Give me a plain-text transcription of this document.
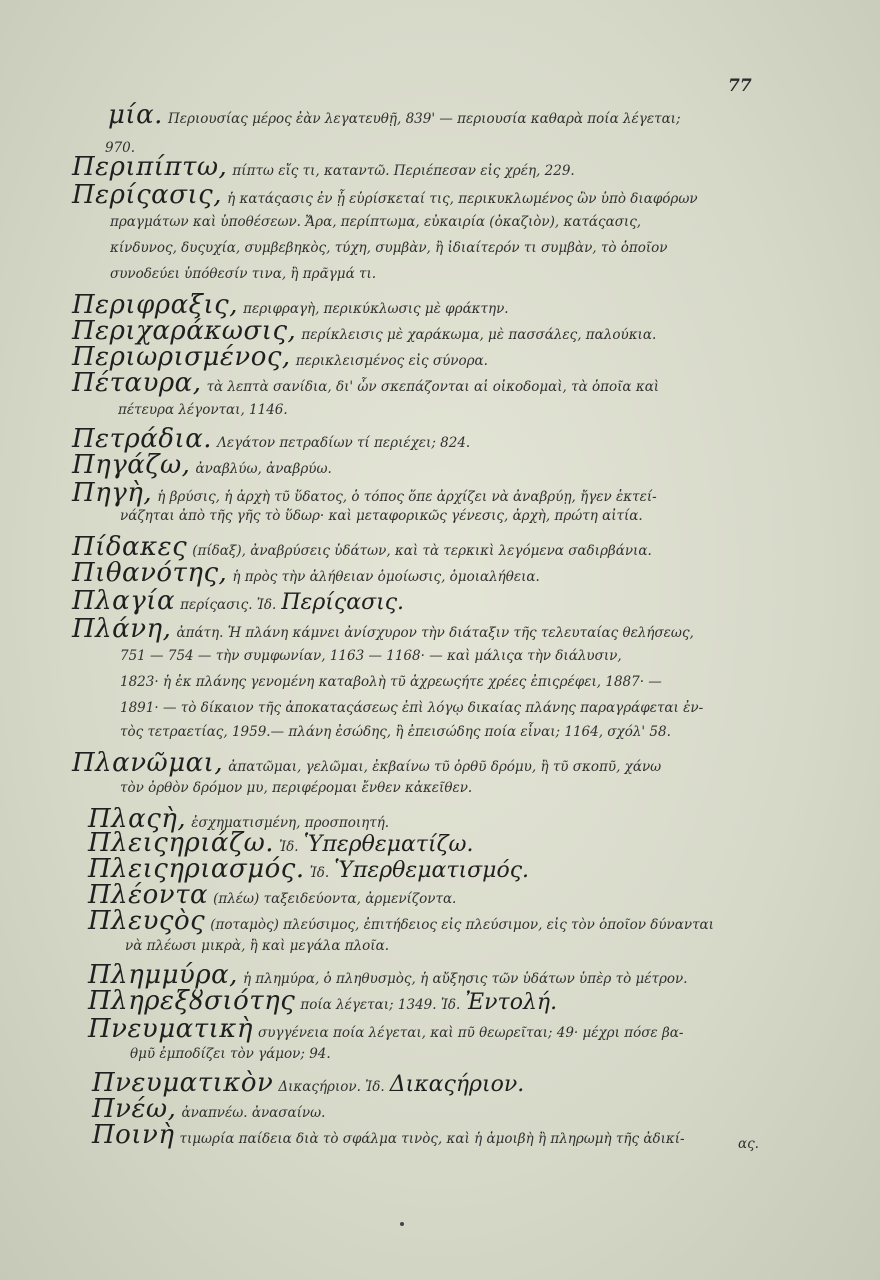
77
μία. Περιουσίας μέρος ἐὰν λεγατευθῇ, 839' — περιουσία καθαρὰ ποία λέγεται;
970.
Περιπίπτω, πίπτω εἴς τι, καταντῶ. Περιέπεσαν εἰς χρέη, 229.
Περίςασις, ἡ κατάςασις ἐν ᾗ εὑρίσκεταί τις, περικυκλωμένος ὢν ὑπὸ διαφόρων
πραγμάτων καὶ ὑποθέσεων. Ἄρα, περίπτωμα, εὐκαιρία (ὀκαζιὸν), κατάςασις,
κίνδυνος, δυςυχία, συμβεβηκὸς, τύχη, συμβὰν, ἢ ἰδιαίτερόν τι συμβὰν, τὸ ὁποῖον
συνοδεύει ὑπόθεσίν τινα, ἢ πρᾶγμά τι.
Περιφραξις, περιφραγὴ, περικύκλωσις μὲ φράκτην.
Περιχαράκωσις, περίκλεισις μὲ χαράκωμα, μὲ πασσάλες, παλούκια.
Περιωρισμένος, περικλεισμένος εἰς σύνορα.
Πέταυρα, τὰ λεπτὰ σανίδια, δι' ὧν σκεπάζονται αἱ οἰκοδομαὶ, τὰ ὁποῖα καὶ
πέτευρα λέγονται, 1146.
Πετράδια. Λεγάτον πετραδίων τί περιέχει; 824.
Πηγάζω, ἀναβλύω, ἀναβρύω.
Πηγὴ, ἡ βρύσις, ἡ ἀρχὴ τῦ ὕδατος, ὁ τόπος ὅπε ἀρχίζει νὰ ἀναβρύῃ, ἤγεν ἐκτεί-
νάζηται ἀπὸ τῆς γῆς τὸ ὕδωρ· καὶ μεταφορικῶς γένεσις, ἀρχὴ, πρώτη αἰτία.
Πίδακες (πίδαξ), ἀναβρύσεις ὑδάτων, καὶ τὰ τερκικὶ λεγόμενα σαδιρβάνια.
Πιθανότης, ἡ πρὸς τὴν ἀλήθειαν ὁμοίωσις, ὁμοιαλήθεια.
Πλαγία περίςασις. Ἰδ. Περίςασις.
Πλάνη, ἀπάτη. Ἡ πλάνη κάμνει ἀνίσχυρον τὴν διάταξιν τῆς τελευταίας θελήσεως,
751 — 754 — τὴν συμφωνίαν, 1163 — 1168· — καὶ μάλιςα τὴν διάλυσιν,
1823· ἡ ἐκ πλάνης γενομένη καταβολὴ τῦ ἀχρεωςήτε χρέες ἐπιςρέφει, 1887· —
1891· — τὸ δίκαιον τῆς ἀποκαταςάσεως ἐπὶ λόγῳ δικαίας πλάνης παραγράφεται ἐν-
τὸς τετραετίας, 1959.— πλάνη ἐσώδης, ἢ ἐπεισώδης ποία εἶναι; 1164, σχόλ' 58.
Πλανῶμαι, ἀπατῶμαι, γελῶμαι, ἐκβαίνω τῦ ὀρθῦ δρόμυ, ἢ τῦ σκοπῦ, χάνω
τὸν ὀρθὸν δρόμον μυ, περιφέρομαι ἔνθεν κἀκεῖθεν.
Πλαςὴ, ἐσχηματισμένη, προσποιητή.
Πλειςηριάζω. Ἰδ. Ὑπερθεματίζω.
Πλειςηριασμός. Ἰδ. Ὑπερθεματισμός.
Πλέοντα (πλέω) ταξειδεύοντα, ἀρμενίζοντα.
Πλευςὸς (ποταμὸς) πλεύσιμος, ἐπιτήδειος εἰς πλεύσιμον, εἰς τὸν ὁποῖον δύνανται
νὰ πλέωσι μικρὰ, ἢ καὶ μεγάλα πλοῖα.
Πλημμύρα, ἡ πλημύρα, ὁ πληθυσμὸς, ἡ αὔξησις τῶν ὑδάτων ὑπὲρ τὸ μέτρον.
Πληρεξȣσιότης ποία λέγεται; 1349. Ἰδ. Ἐντολή.
Πνευματικὴ συγγένεια ποία λέγεται, καὶ πῦ θεωρεῖται; 49· μέχρι πόσε βα-
θμῦ ἐμποδίζει τὸν γάμον; 94.
Πνευματικὸν Δικαςήριον. Ἰδ. Δικαςήριον.
Πνέω, ἀναπνέω. ἀνασαίνω.
Ποινὴ τιμωρία παίδεια διὰ τὸ σφάλμα τινὸς, καὶ ἡ ἀμοιβὴ ἢ πληρωμὴ τῆς ἀδικί-	ας.
